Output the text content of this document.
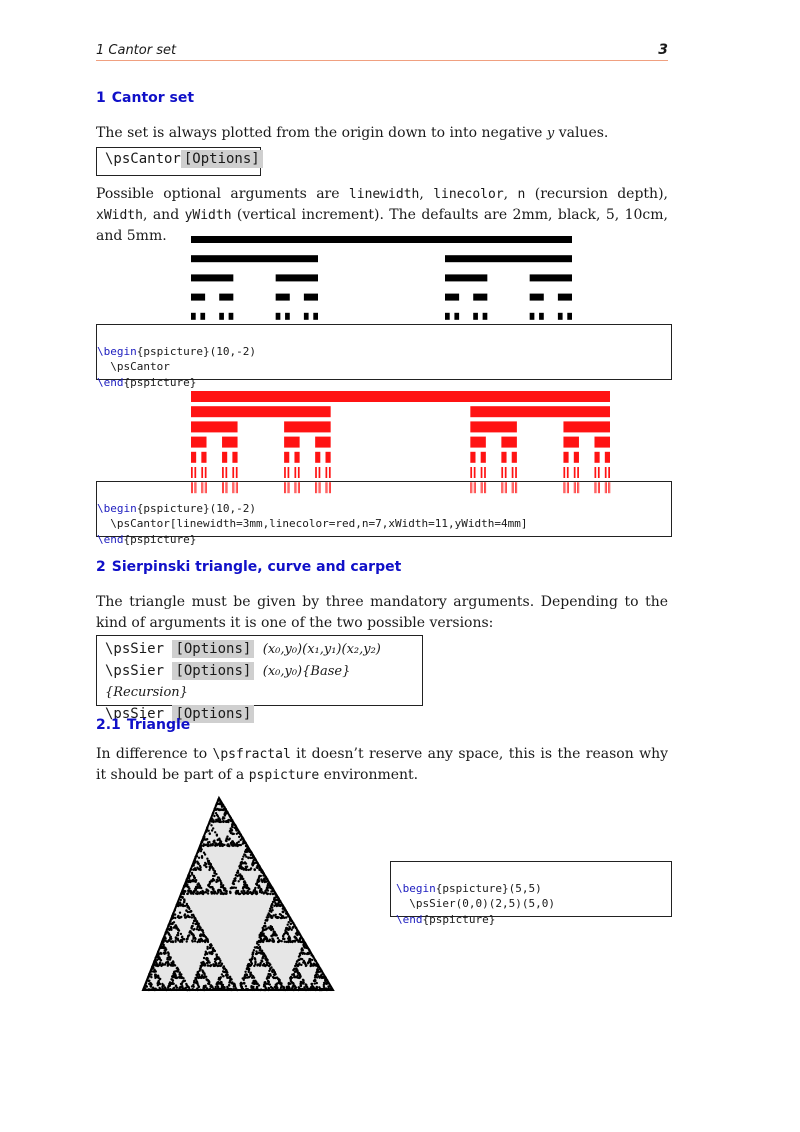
1 Cantor set	3
1 Cantor set
The set is always plotted from the origin down to into negative y values.
\psCantor [Options]
Possible optional arguments are linewidth, linecolor, n (recursion depth), xWidth, and yWidth (vertical increment). The defaults are 2mm, black, 5, 10cm, and 5mm.

\begin{pspicture}(10,-2)
\psCantor
\end{pspicture}

\begin{pspicture}(10,-2)
\psCantor[linewidth=3mm,linecolor=red,n=7,xWidth=11,yWidth=4mm]
\end{pspicture}

2 Sierpinski triangle, curve and carpet
The triangle must be given by three mandatory arguments. Depending to the kind of arguments it is one of the two possible versions:
\psSier [Options] (x₀,y₀)(x₁,y₁)(x₂,y₂)
\psSier [Options] (x₀,y₀){Base}{Recursion}
\psSier [Options]
2.1 Triangle
In difference to \psfractal it doesn’t reserve any space, this is the reason why it should be part of a pspicture environment.

\begin{pspicture}(5,5)
\psSier(0,0)(2,5)(5,0)
\end{pspicture}
